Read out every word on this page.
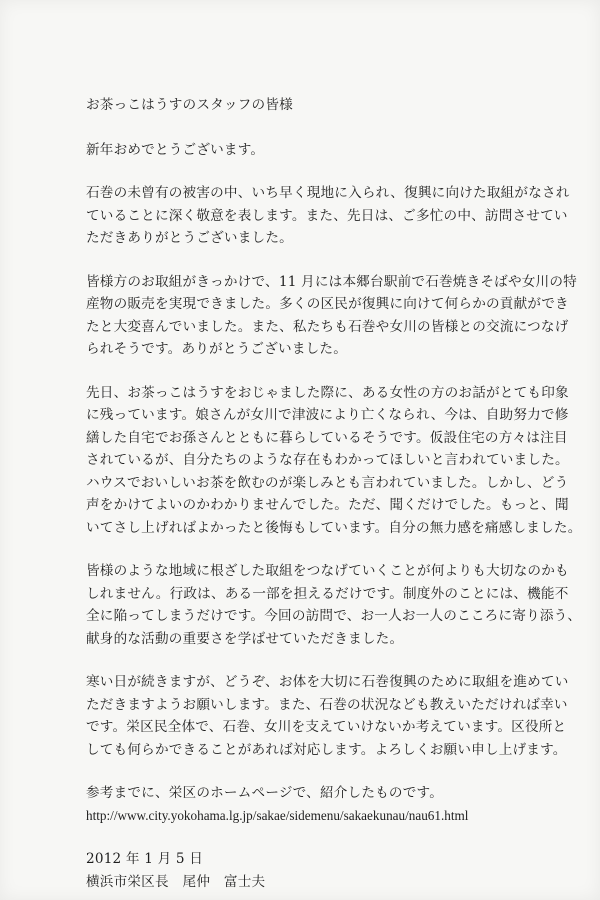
お茶っこはうすのスタッフの皆様

新年おめでとうございます。

石巻の未曾有の被害の中、いち早く現地に入られ、復興に向けた取組がなされ

ていることに深く敬意を表します。また、先日は、ご多忙の中、訪問させてい

ただきありがとうございました。

皆様方のお取組がきっかけで、11 月には本郷台駅前で石巻焼きそばや女川の特

産物の販売を実現できました。多くの区民が復興に向けて何らかの貢献ができ

たと大変喜んでいました。また、私たちも石巻や女川の皆様との交流につなげ

られそうです。ありがとうございました。

先日、お茶っこはうすをおじゃました際に、ある女性の方のお話がとても印象

に残っています。娘さんが女川で津波により亡くなられ、今は、自助努力で修

繕した自宅でお孫さんとともに暮らしているそうです。仮設住宅の方々は注目

されているが、自分たちのような存在もわかってほしいと言われていました。

ハウスでおいしいお茶を飲むのが楽しみとも言われていました。しかし、どう

声をかけてよいのかわかりませんでした。ただ、聞くだけでした。もっと、聞

いてさし上げればよかったと後悔もしています。自分の無力感を痛感しました。

皆様のような地域に根ざした取組をつなげていくことが何よりも大切なのかも

しれません。行政は、ある一部を担えるだけです。制度外のことには、機能不

全に陥ってしまうだけです。今回の訪問で、お一人お一人のこころに寄り添う、

献身的な活動の重要さを学ばせていただきました。

寒い日が続きますが、どうぞ、お体を大切に石巻復興のために取組を進めてい

ただきますようお願いします。また、石巻の状況なども教えいただければ幸い

です。栄区民全体で、石巻、女川を支えていけないか考えています。区役所と

しても何らかできることがあれば対応します。よろしくお願い申し上げます。

参考までに、栄区のホームページで、紹介したものです。

http://www.city.yokohama.lg.jp/sakae/sidemenu/sakaekunau/nau61.html

2012 年 1 月 5 日

横浜市栄区長　尾仲　富士夫
